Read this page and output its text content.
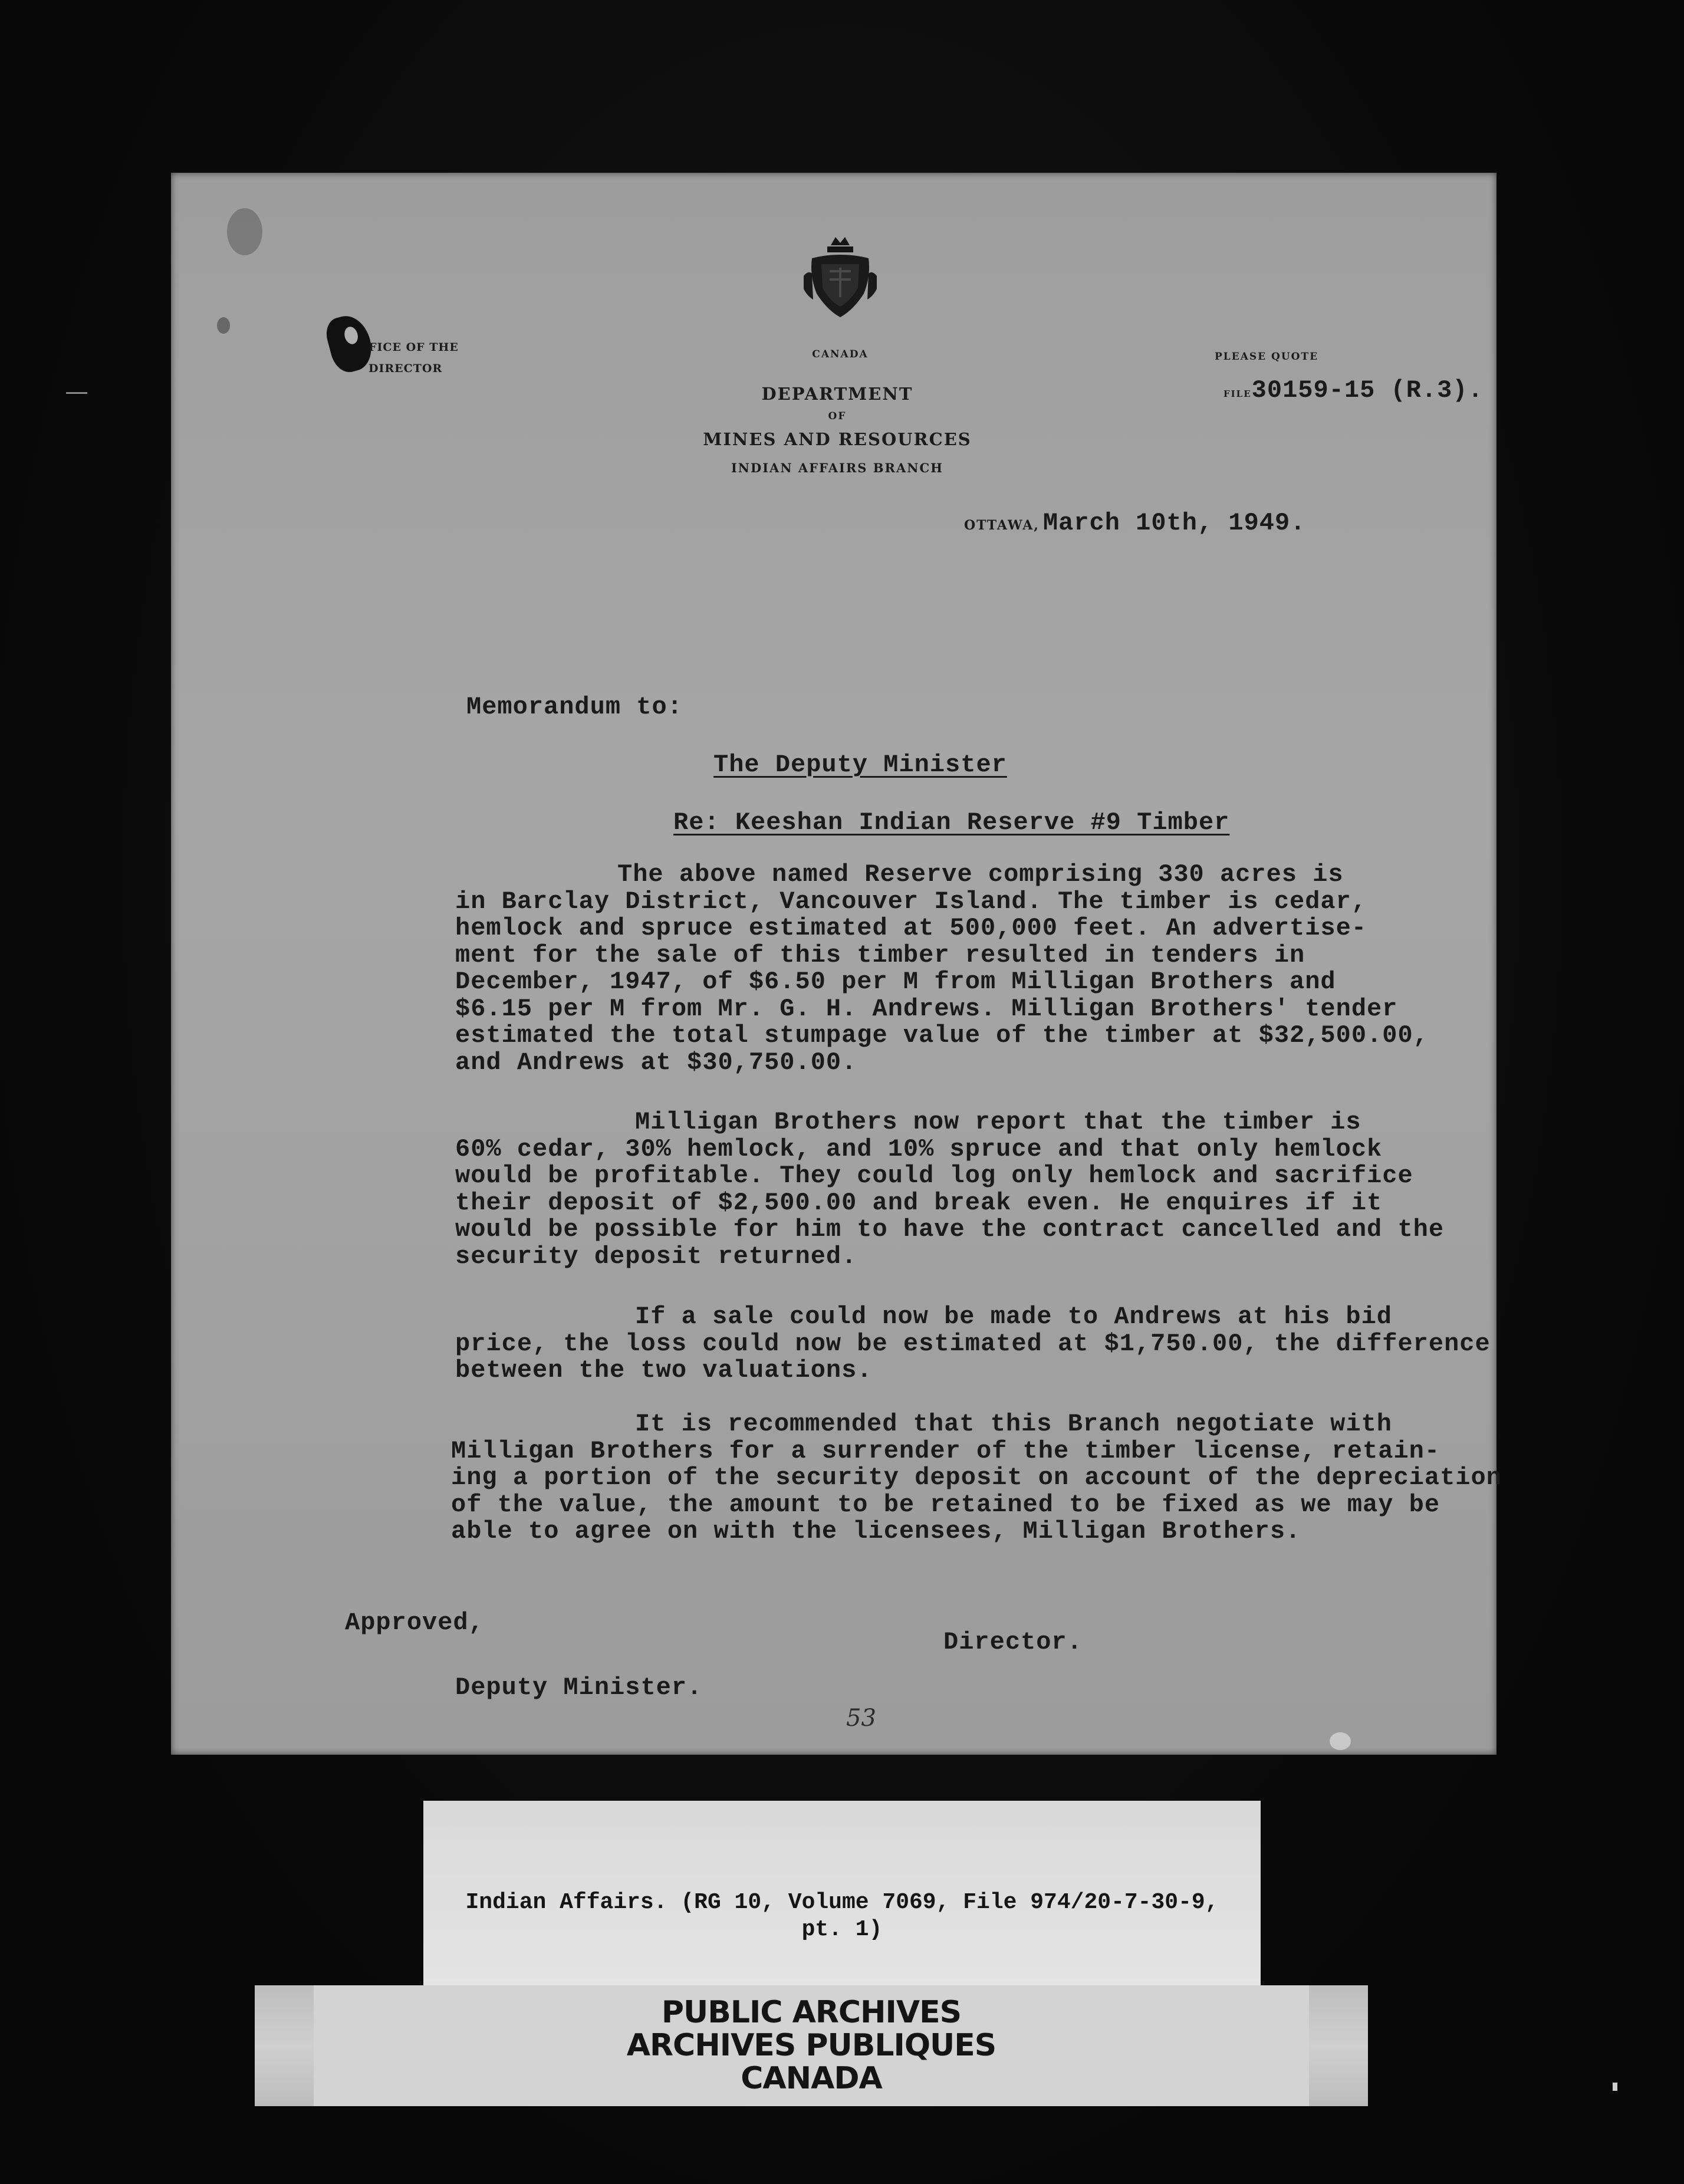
CANADA
FICE OF THE
DIRECTOR
DEPARTMENT
OF
MINES AND RESOURCES
INDIAN AFFAIRS BRANCH
PLEASE QUOTE
FILE30159-15 (R.3).
OTTAWA, March 10th, 1949.
Memorandum to:
The Deputy Minister
Re: Keeshan Indian Reserve #9 Timber
The above named Reserve comprising 330 acres is
in Barclay District, Vancouver Island. The timber is cedar,
hemlock and spruce estimated at 500,000 feet. An advertise-
ment for the sale of this timber resulted in tenders in
December, 1947, of $6.50 per M from Milligan Brothers and
$6.15 per M from Mr. G. H. Andrews. Milligan Brothers' tender
estimated the total stumpage value of the timber at $32,500.00,
and Andrews at $30,750.00.
Milligan Brothers now report that the timber is
60% cedar, 30% hemlock, and 10% spruce and that only hemlock
would be profitable. They could log only hemlock and sacrifice
their deposit of $2,500.00 and break even. He enquires if it
would be possible for him to have the contract cancelled and the
security deposit returned.
If a sale could now be made to Andrews at his bid
price, the loss could now be estimated at $1,750.00, the difference
between the two valuations.
It is recommended that this Branch negotiate with
Milligan Brothers for a surrender of the timber license, retain-
ing a portion of the security deposit on account of the depreciation
of the value, the amount to be retained to be fixed as we may be
able to agree on with the licensees, Milligan Brothers.
Approved,
Director.
Deputy Minister.
53
Indian Affairs. (RG 10, Volume 7069, File 974/20-7-30-9,
pt. 1)
PUBLIC ARCHIVES
ARCHIVES PUBLIQUES
CANADA
